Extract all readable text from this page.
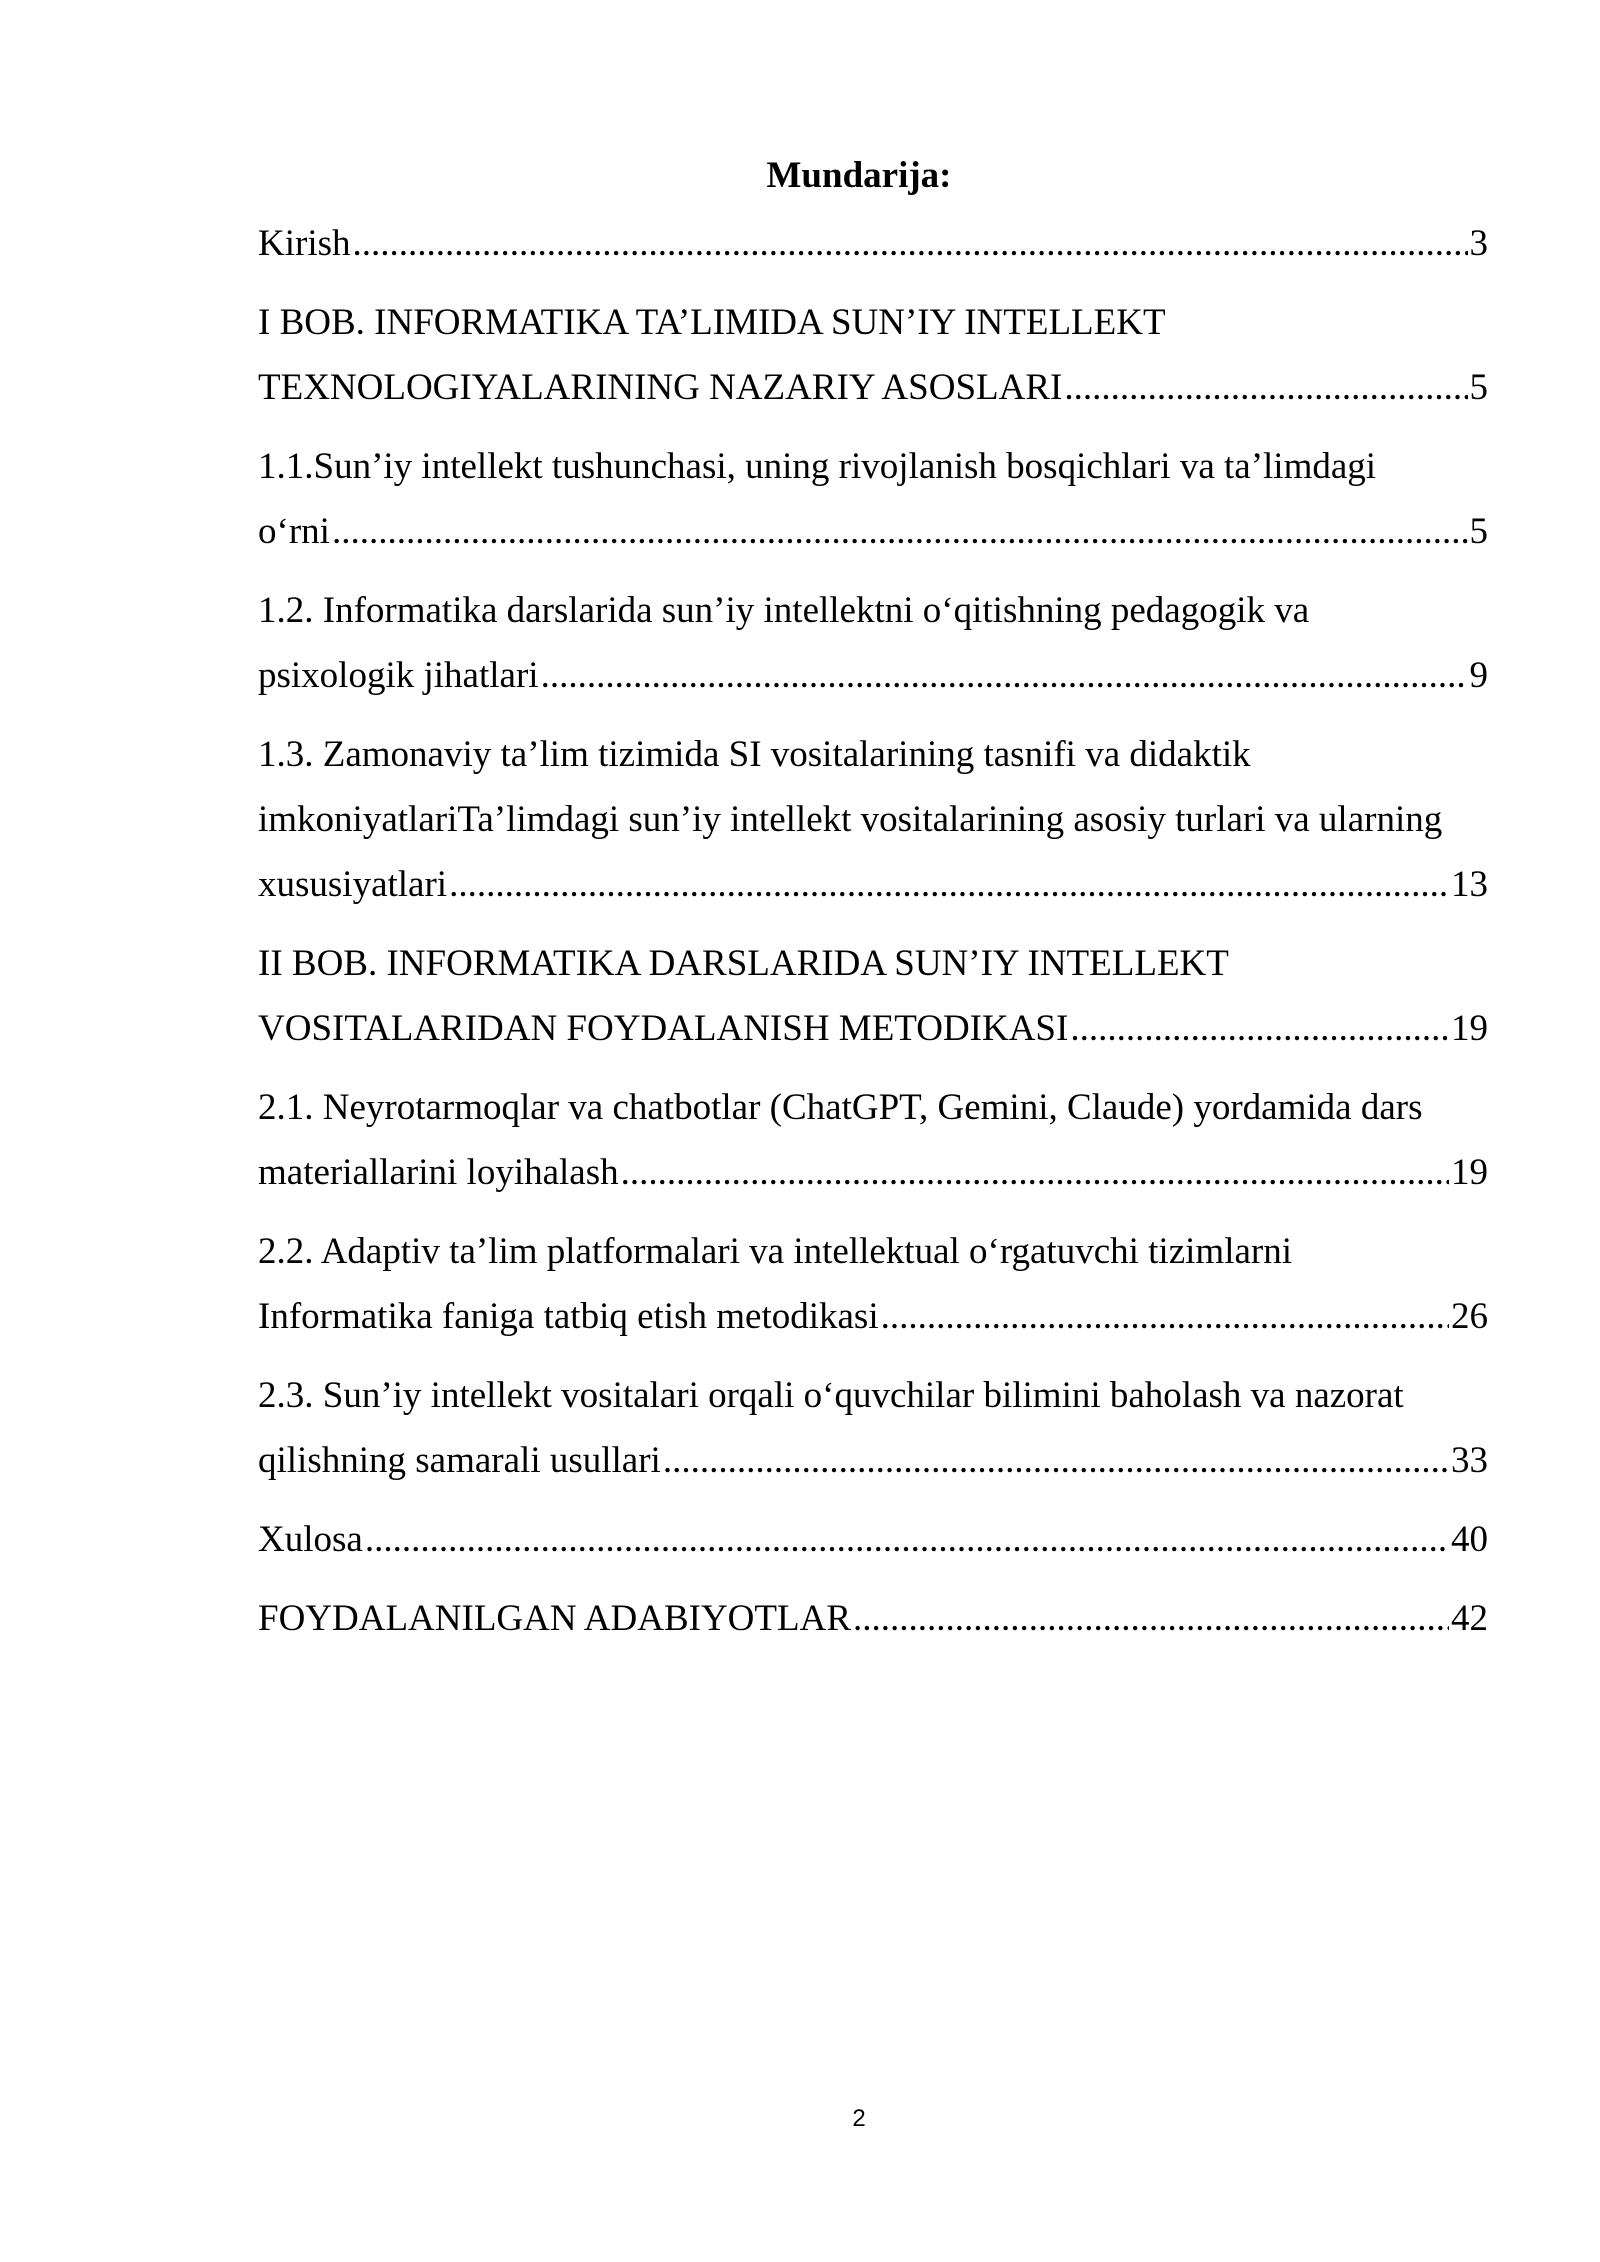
Mundarija:
Kirish .....	3
I BOB. INFORMATIKA TA’LIMIDA SUN’IY INTELLEKT
TEXNOLOGIYALARINING NAZARIY ASOSLARI .....	5
1.1.Sun’iy intellekt tushunchasi, uning rivojlanish bosqichlari va ta’limdagi
o‘rni .....	5
1.2. Informatika darslarida sun’iy intellektni o‘qitishning pedagogik va
psixologik jihatlari .....	9
1.3. Zamonaviy ta’lim tizimida SI vositalarining tasnifi va didaktik
imkoniyatlariTa’limdagi sun’iy intellekt vositalarining asosiy turlari va ularning
xususiyatlari .....	13
II BOB. INFORMATIKA DARSLARIDA SUN’IY INTELLEKT
VOSITALARIDAN FOYDALANISH METODIKASI .....	19
2.1. Neyrotarmoqlar va chatbotlar (ChatGPT, Gemini, Claude) yordamida dars
materiallarini loyihalash .....	19
2.2. Adaptiv ta’lim platformalari va intellektual o‘rgatuvchi tizimlarni
Informatika faniga tatbiq etish metodikasi .....	26
2.3. Sun’iy intellekt vositalari orqali o‘quvchilar bilimini baholash va nazorat
qilishning samarali usullari .....	33
Xulosa .....	40
FOYDALANILGAN ADABIYOTLAR .....	42
2
